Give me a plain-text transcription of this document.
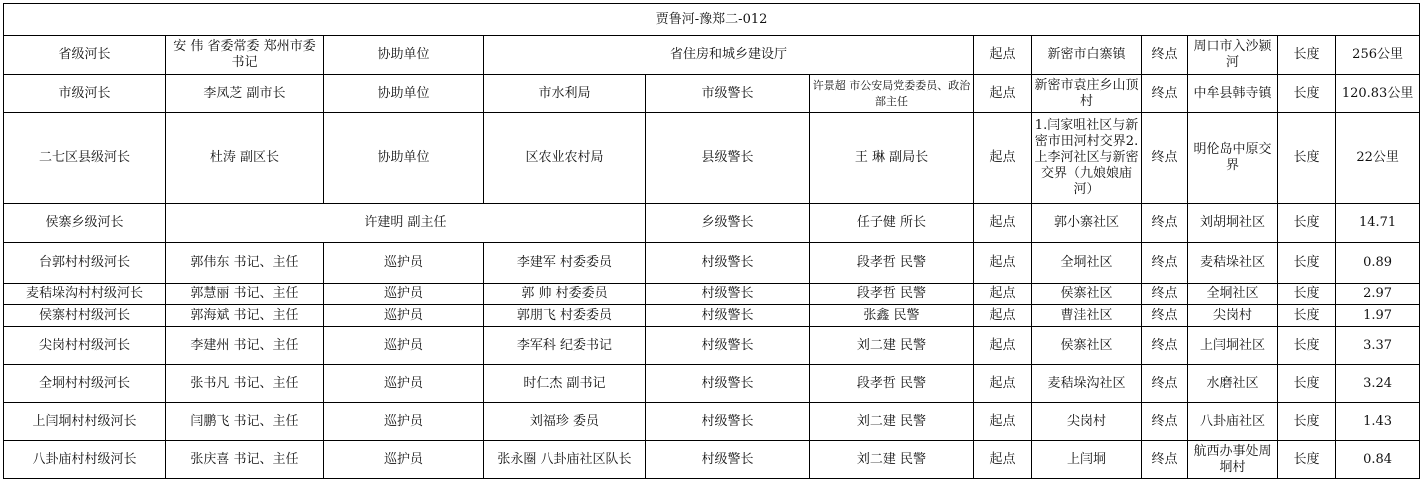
贾鲁河-豫郑二-012											
省级河长	安 伟 省委常委 郑州市委书记	协助单位	省住房和城乡建设厅			起点	新密市白寨镇	终点	周口市入沙颍河	长度	256公里
市级河长	李凤芝 副市长	协助单位	市水利局	市级警长	许景超 市公安局党委委员、政治部主任	起点	新密市袁庄乡山顶村	终点	中牟县韩寺镇	长度	120.83公里
二七区县级河长	杜涛 副区长	协助单位	区农业农村局	县级警长	王 琳 副局长	起点	1.闫家咀社区与新密市田河村交界2.上李河社区与新密交界（九娘娘庙河）	终点	明伦岛中原交界	长度	22公里
侯寨乡级河长	许建明 副主任			乡级警长	任子健 所长	起点	郭小寨社区	终点	刘胡垌社区	长度	14.71
台郭村村级河长	郭伟东 书记、主任	巡护员	李建军 村委委员	村级警长	段孝哲 民警	起点	全垌社区	终点	麦秸垛社区	长度	0.89
麦秸垛沟村村级河长	郭慧丽 书记、主任	巡护员	郭 帅 村委委员	村级警长	段孝哲 民警	起点	侯寨社区	终点	全垌社区	长度	2.97
侯寨村村级河长	郭海斌 书记、主任	巡护员	郭朋飞 村委委员	村级警长	张鑫 民警	起点	曹洼社区	终点	尖岗村	长度	1.97
尖岗村村级河长	李建州 书记、主任	巡护员	李军科 纪委书记	村级警长	刘二建 民警	起点	侯寨社区	终点	上闫垌社区	长度	3.37
全垌村村级河长	张书凡 书记、主任	巡护员	时仁杰 副书记	村级警长	段孝哲 民警	起点	麦秸垛沟社区	终点	水磨社区	长度	3.24
上闫垌村村级河长	闫鹏飞 书记、主任	巡护员	刘福珍 委员	村级警长	刘二建 民警	起点	尖岗村	终点	八卦庙社区	长度	1.43
八卦庙村村级河长	张庆喜 书记、主任	巡护员	张永圈 八卦庙社区队长	村级警长	刘二建 民警	起点	上闫垌	终点	航西办事处周垌村	长度	0.84
